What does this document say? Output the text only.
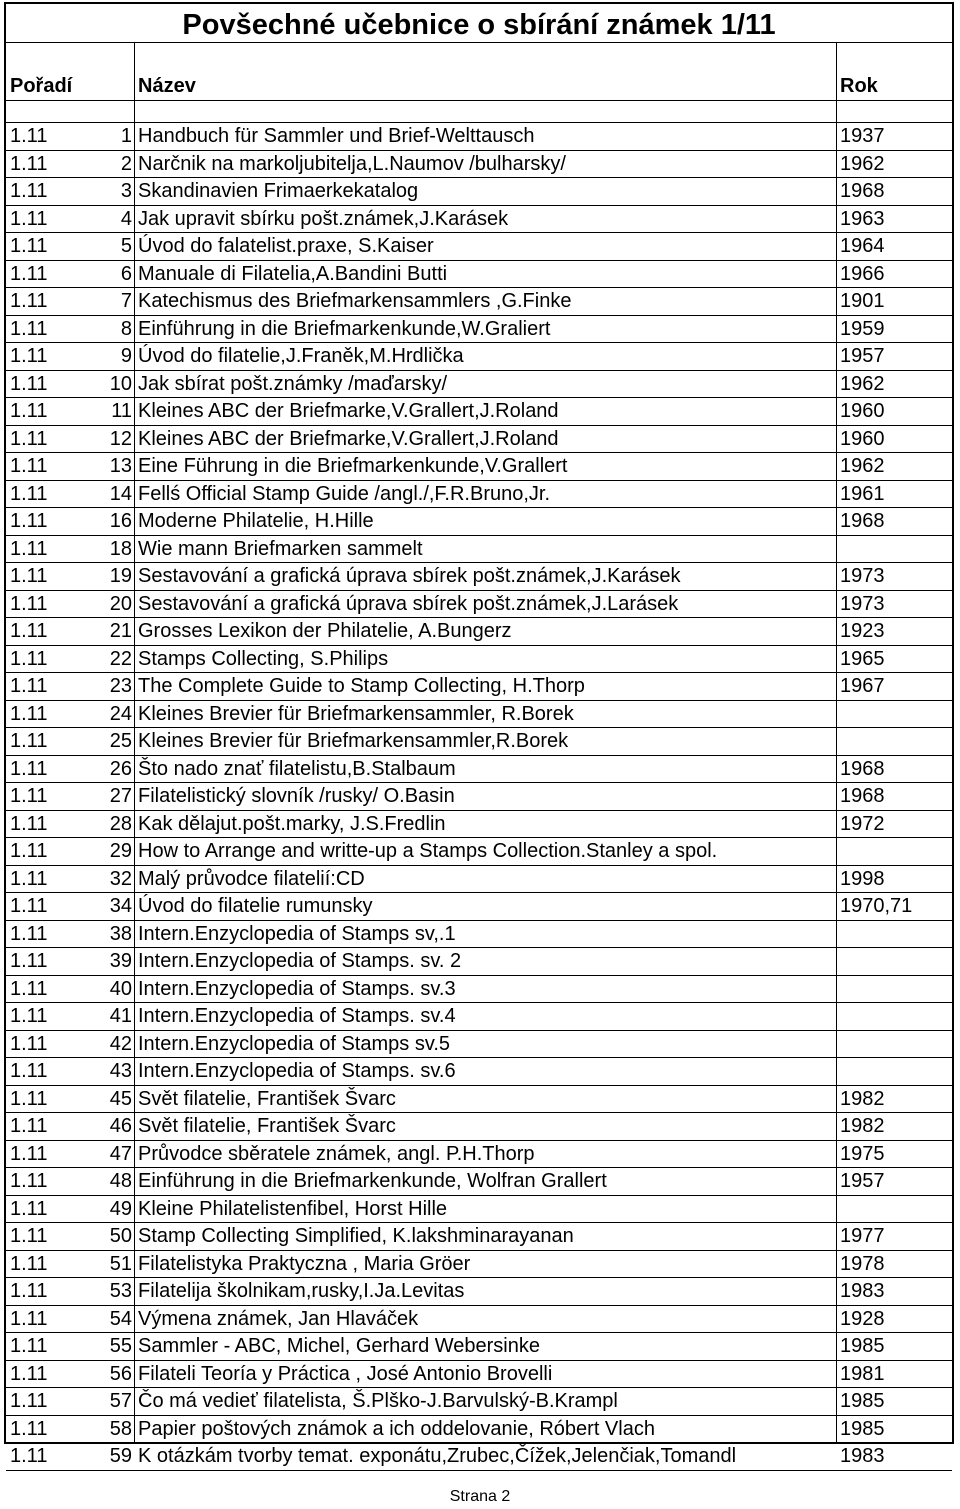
Povšechné učebnice o sbírání známek 1/11
Pořadí	Název	Rok
1.11	1 Handbuch für Sammler und Brief-Welttausch	1937
1.11	2 Narčnik na markoljubitelja,L.Naumov /bulharsky/	1962
1.11	3 Skandinavien Frimaerkekatalog	1968
1.11	4 Jak upravit sbírku pošt.známek,J.Karásek	1963
1.11	5 Úvod do falatelist.praxe, S.Kaiser	1964
1.11	6 Manuale di Filatelia,A.Bandini Butti	1966
1.11	7 Katechismus des Briefmarkensammlers ,G.Finke	1901
1.11	8 Einführung in die Briefmarkenkunde,W.Graliert	1959
1.11	9 Úvod do filatelie,J.Franěk,M.Hrdlička	1957
1.11	10 Jak sbírat pošt.známky /maďarsky/	1962
1.11	11 Kleines ABC der Briefmarke,V.Grallert,J.Roland	1960
1.11	12 Kleines ABC der Briefmarke,V.Grallert,J.Roland	1960
1.11	13 Eine Führung in die Briefmarkenkunde,V.Grallert	1962
1.11	14 Fellś Official Stamp Guide /angl./,F.R.Bruno,Jr.	1961
1.11	16 Moderne Philatelie, H.Hille	1968
1.11	18 Wie mann Briefmarken sammelt
1.11	19 Sestavování a grafická úprava sbírek pošt.známek,J.Karásek	1973
1.11	20 Sestavování a grafická úprava sbírek pošt.známek,J.Larásek	1973
1.11	21 Grosses Lexikon der Philatelie, A.Bungerz	1923
1.11	22 Stamps Collecting, S.Philips	1965
1.11	23 The Complete Guide to Stamp Collecting, H.Thorp	1967
1.11	24 Kleines Brevier für Briefmarkensammler, R.Borek
1.11	25 Kleines Brevier für Briefmarkensammler,R.Borek
1.11	26 Što nado znať filatelistu,B.Stalbaum	1968
1.11	27 Filatelistický slovník /rusky/ O.Basin	1968
1.11	28 Kak dělajut.pošt.marky, J.S.Fredlin	1972
1.11	29 How to Arrange and writte-up a Stamps Collection.Stanley a spol.
1.11	32 Malý průvodce filatelií:CD	1998
1.11	34 Úvod do filatelie rumunsky	1970,71
1.11	38 Intern.Enzyclopedia of Stamps sv,.1
1.11	39 Intern.Enzyclopedia of Stamps. sv. 2
1.11	40 Intern.Enzyclopedia of Stamps. sv.3
1.11	41 Intern.Enzyclopedia of Stamps. sv.4
1.11	42 Intern.Enzyclopedia of Stamps sv.5
1.11	43 Intern.Enzyclopedia of Stamps. sv.6
1.11	45 Svět filatelie, František Švarc	1982
1.11	46 Svět filatelie, František Švarc	1982
1.11	47 Průvodce sběratele známek, angl. P.H.Thorp	1975
1.11	48 Einführung in die Briefmarkenkunde, Wolfran Grallert	1957
1.11	49 Kleine Philatelistenfibel, Horst Hille
1.11	50 Stamp Collecting Simplified, K.lakshminarayanan	1977
1.11	51 Filatelistyka Praktyczna , Maria Gröer	1978
1.11	53 Filatelija školnikam,rusky,I.Ja.Levitas	1983
1.11	54 Výmena známek, Jan Hlaváček	1928
1.11	55 Sammler - ABC, Michel, Gerhard Webersinke	1985
1.11	56 Filateli Teoría y Práctica , José Antonio Brovelli	1981
1.11	57 Čo má vedieť filatelista, Š.Plško-J.Barvulský-B.Krampl	1985
1.11	58 Papier poštových známok a ich oddelovanie, Róbert Vlach	1985
1.11	59 K otázkám tvorby temat. exponátu,Zrubec,Čížek,Jelenčiak,Tomandl	1983
Strana 2
